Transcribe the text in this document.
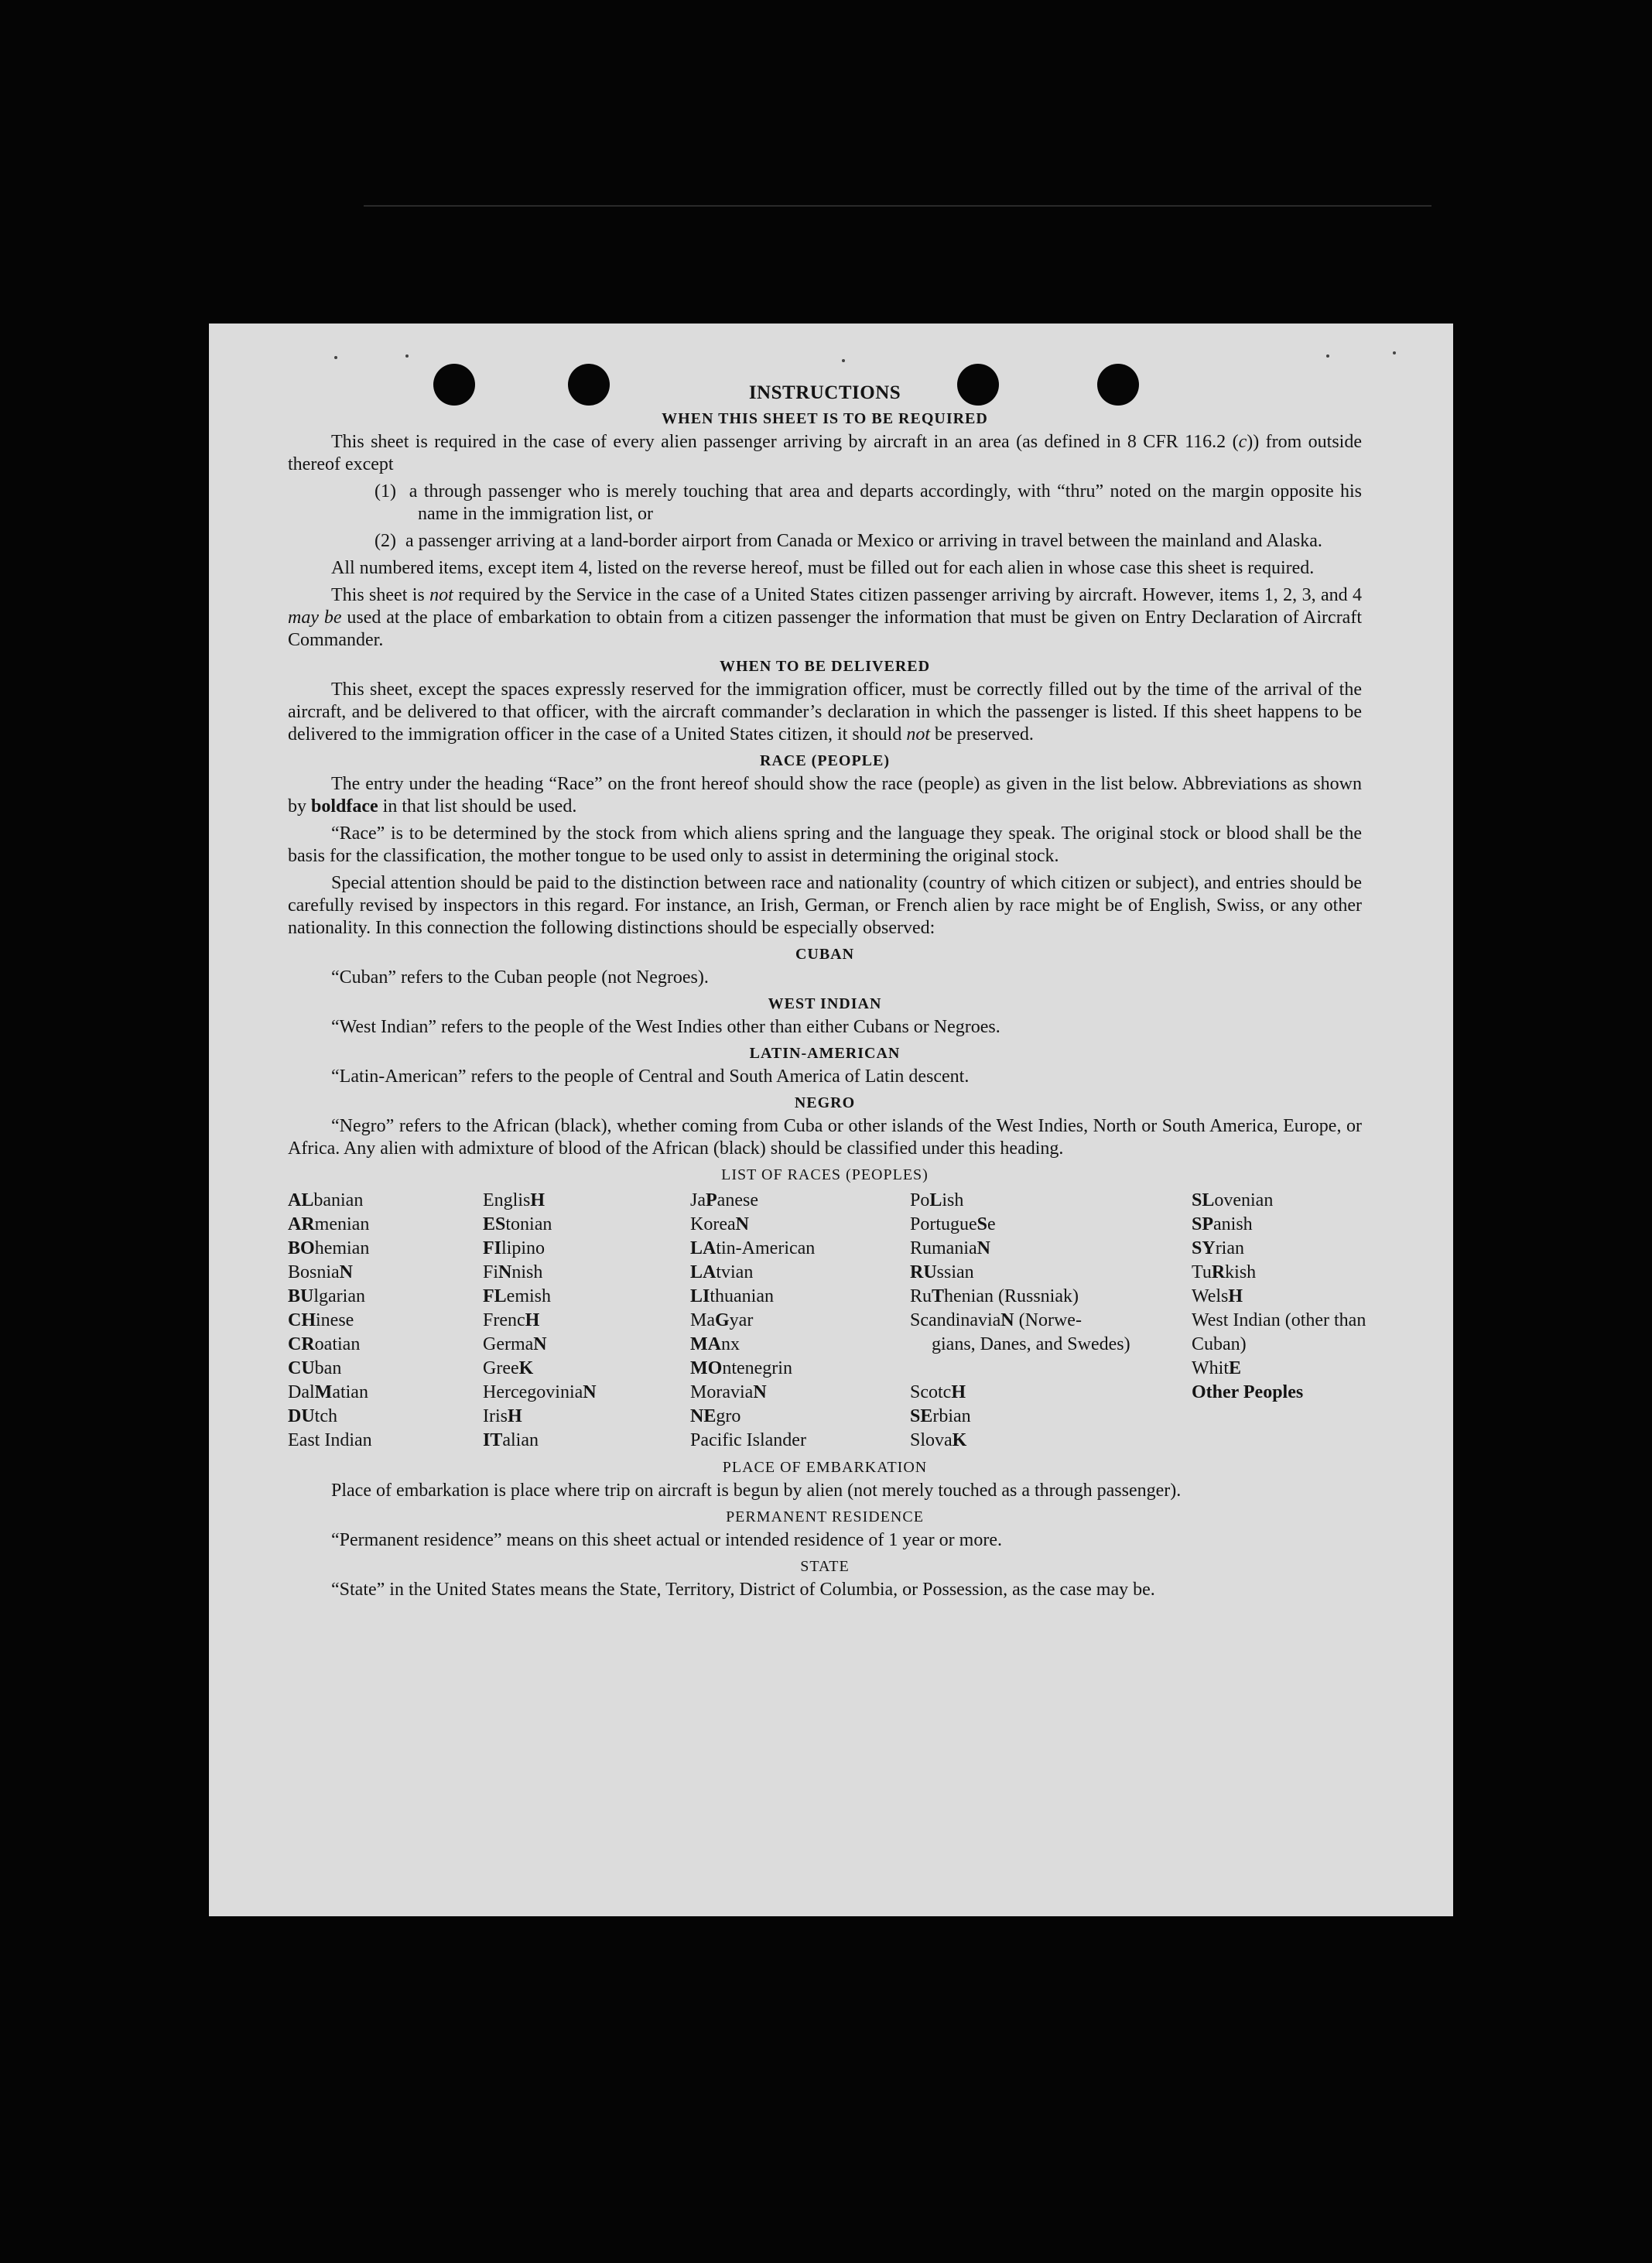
INSTRUCTIONS
WHEN THIS SHEET IS TO BE REQUIRED

This sheet is required in the case of every alien passenger arriving by aircraft in an area (as defined in 8 CFR 116.2 (c)) from outside thereof except

(1) a through passenger who is merely touching that area and departs accordingly, with “thru” noted on the margin opposite his name in the immigration list, or
(2) a passenger arriving at a land-border airport from Canada or Mexico or arriving in travel between the mainland and Alaska.

All numbered items, except item 4, listed on the reverse hereof, must be filled out for each alien in whose case this sheet is required.

This sheet is not required by the Service in the case of a United States citizen passenger arriving by aircraft. However, items 1, 2, 3, and 4 may be used at the place of embarkation to obtain from a citizen passenger the information that must be given on Entry Declaration of Aircraft Commander.

WHEN TO BE DELIVERED

This sheet, except the spaces expressly reserved for the immigration officer, must be correctly filled out by the time of the arrival of the aircraft, and be delivered to that officer, with the aircraft commander’s declaration in which the passenger is listed. If this sheet happens to be delivered to the immigration officer in the case of a United States citizen, it should not be preserved.

RACE (PEOPLE)

The entry under the heading “Race” on the front hereof should show the race (people) as given in the list below. Abbreviations as shown by boldface in that list should be used.

“Race” is to be determined by the stock from which aliens spring and the language they speak. The original stock or blood shall be the basis for the classification, the mother tongue to be used only to assist in determining the original stock.

Special attention should be paid to the distinction between race and nationality (country of which citizen or subject), and entries should be carefully revised by inspectors in this regard. For instance, an Irish, German, or French alien by race might be of English, Swiss, or any other nationality. In this connection the following distinctions should be especially observed:

CUBAN

“Cuban” refers to the Cuban people (not Negroes).

WEST INDIAN

“West Indian” refers to the people of the West Indies other than either Cubans or Negroes.

LATIN-AMERICAN

“Latin-American” refers to the people of Central and South America of Latin descent.

NEGRO

“Negro” refers to the African (black), whether coming from Cuba or other islands of the West Indies, North or South America, Europe, or Africa. Any alien with admixture of blood of the African (black) should be classified under this heading.

LIST OF RACES (PEOPLES)
ALbanian
ARmenian
BOhemian
BosniaN
BUlgarian
CHinese
CRoatian
CUban
DalMatian
DUtch
East Indian
EnglisH
EStonian
FIlipino
FiNnish
FLemish
FrencH
GermaN
GreeK
HercegoviniaN
IrisH
ITalian
JaPanese
KoreaN
LAtin-American
LAtvian
LIthuanian
MaGyar
MAnx
MOntenegrin
MoraviaN
NEgro
Pacific Islander
PoLish
PortugueSe
RumaniaN
RUssian
RuThenian (Russniak)
ScandinaviaN (Norwe-
gians, Danes, and Swedes)
ScotcH
SErbian
SlovaK
SLovenian
SPanish
SYrian
TuRkish
WelsH
West Indian (other than Cuban)
WhitE
Other Peoples
PLACE OF EMBARKATION

Place of embarkation is place where trip on aircraft is begun by alien (not merely touched as a through passenger).

PERMANENT RESIDENCE

“Permanent residence” means on this sheet actual or intended residence of 1 year or more.

STATE

“State” in the United States means the State, Territory, District of Columbia, or Possession, as the case may be.
